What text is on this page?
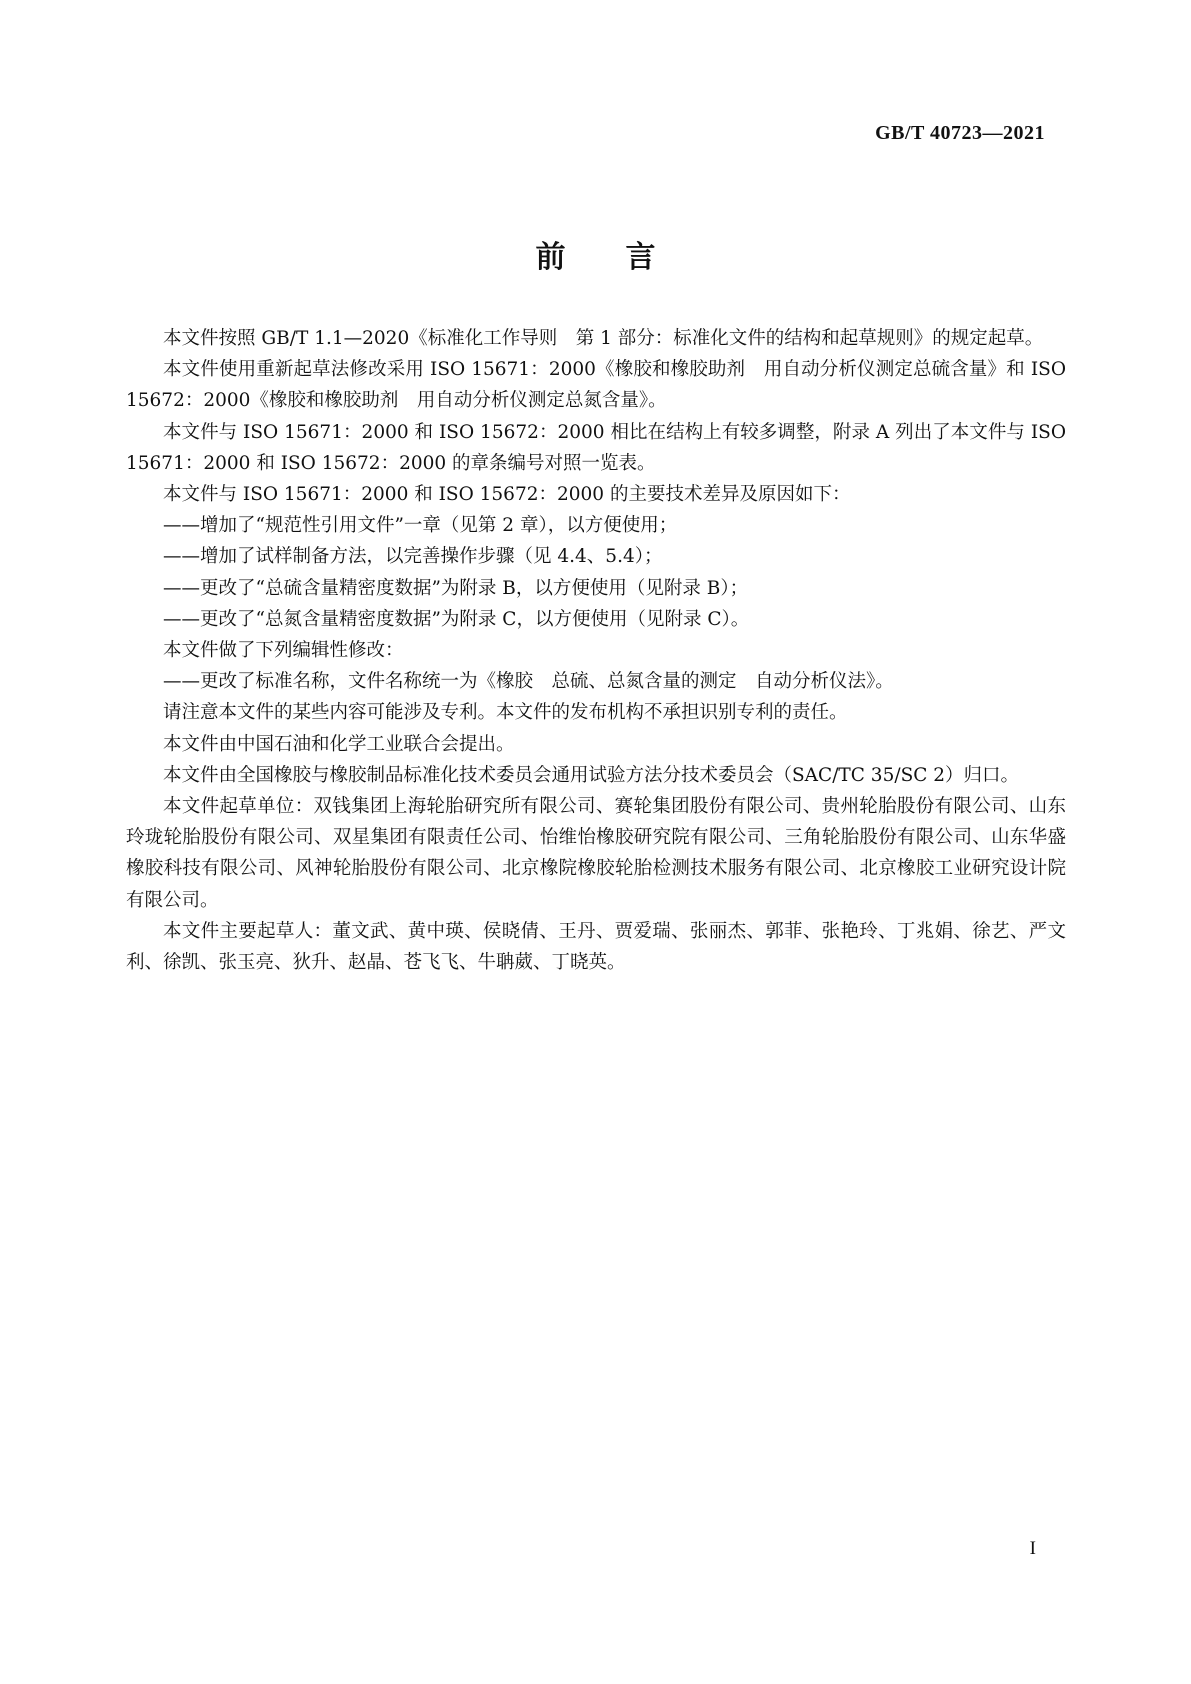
GB/T 40723—2021
前 言

本文件按照 GB/T 1.1—2020《标准化工作导则　第 1 部分：标准化文件的结构和起草规则》的规定起草。

本文件使用重新起草法修改采用 ISO 15671：2000《橡胶和橡胶助剂　用自动分析仪测定总硫含量》和 ISO 15672：2000《橡胶和橡胶助剂　用自动分析仪测定总氮含量》。

本文件与 ISO 15671：2000 和 ISO 15672：2000 相比在结构上有较多调整，附录 A 列出了本文件与 ISO 15671：2000 和 ISO 15672：2000 的章条编号对照一览表。

本文件与 ISO 15671：2000 和 ISO 15672：2000 的主要技术差异及原因如下：

——增加了“规范性引用文件”一章（见第 2 章），以方便使用；

——增加了试样制备方法，以完善操作步骤（见 4.4、5.4）；

——更改了“总硫含量精密度数据”为附录 B，以方便使用（见附录 B）；

——更改了“总氮含量精密度数据”为附录 C，以方便使用（见附录 C）。

本文件做了下列编辑性修改：

——更改了标准名称，文件名称统一为《橡胶　总硫、总氮含量的测定　自动分析仪法》。

请注意本文件的某些内容可能涉及专利。本文件的发布机构不承担识别专利的责任。

本文件由中国石油和化学工业联合会提出。

本文件由全国橡胶与橡胶制品标准化技术委员会通用试验方法分技术委员会（SAC/TC 35/SC 2）归口。

本文件起草单位：双钱集团上海轮胎研究所有限公司、赛轮集团股份有限公司、贵州轮胎股份有限公司、山东玲珑轮胎股份有限公司、双星集团有限责任公司、怡维怡橡胶研究院有限公司、三角轮胎股份有限公司、山东华盛橡胶科技有限公司、风神轮胎股份有限公司、北京橡院橡胶轮胎检测技术服务有限公司、北京橡胶工业研究设计院有限公司。

本文件主要起草人：董文武、黄中瑛、侯晓倩、王丹、贾爱瑞、张丽杰、郭菲、张艳玲、丁兆娟、徐艺、严文利、徐凯、张玉亮、狄升、赵晶、苍飞飞、牛聃葳、丁晓英。

I
